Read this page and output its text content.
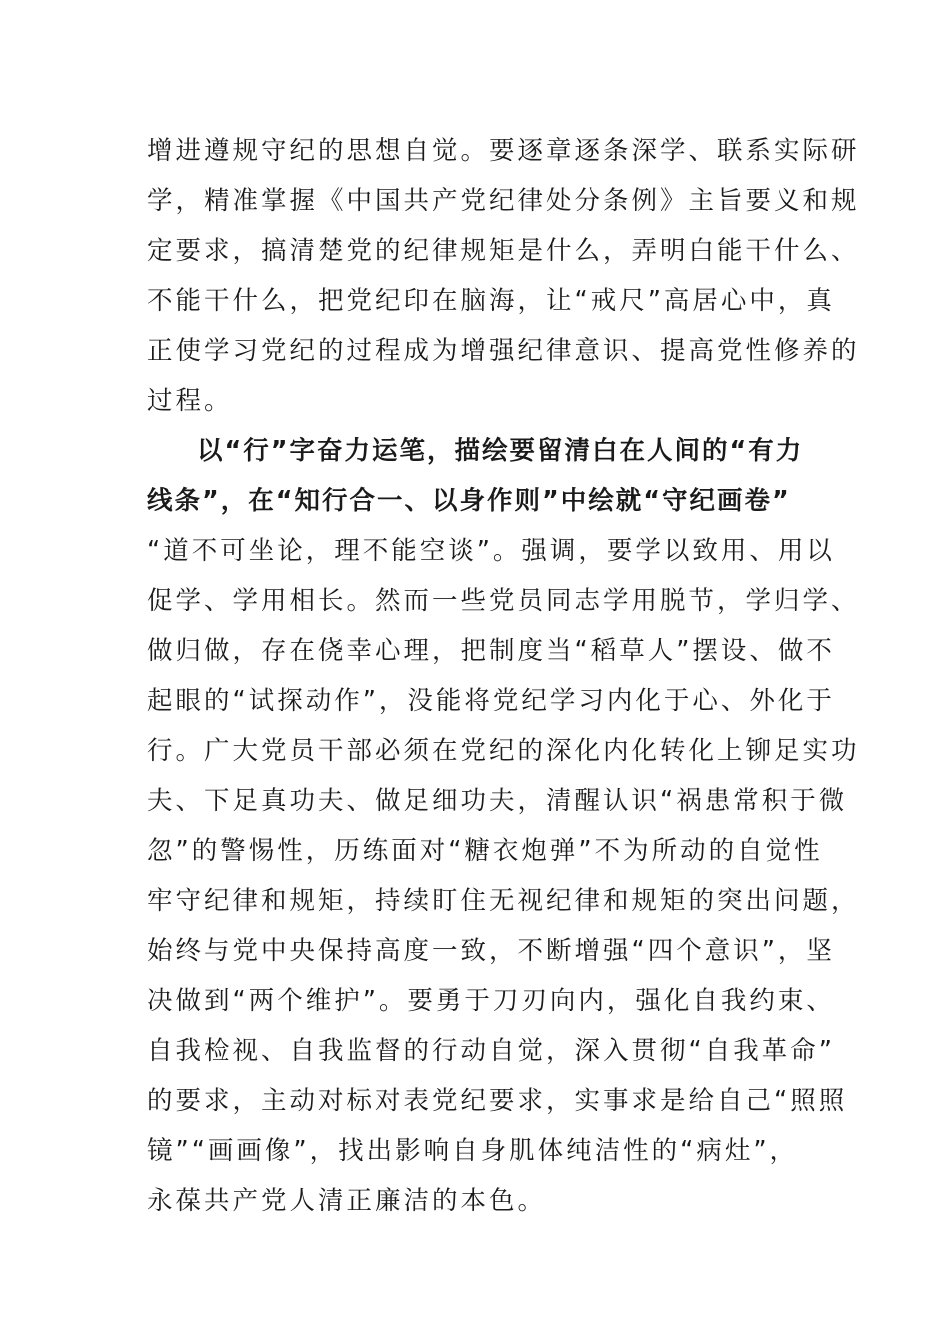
增进遵规守纪的思想自觉。要逐章逐条深学、联系实际研
学，精准掌握《中国共产党纪律处分条例》主旨要义和规
定要求，搞清楚党的纪律规矩是什么，弄明白能干什么、
不能干什么，把党纪印在脑海，让“戒尺”高居心中，真
正使学习党纪的过程成为增强纪律意识、提高党性修养的
过程。
以“行”字奋力运笔，描绘要留清白在人间的“有力
线条”，在“知行合一、以身作则”中绘就“守纪画卷”
“道不可坐论，理不能空谈”。强调，要学以致用、用以
促学、学用相长。然而一些党员同志学用脱节，学归学、
做归做，存在侥幸心理，把制度当“稻草人”摆设、做不
起眼的“试探动作”，没能将党纪学习内化于心、外化于
行。广大党员干部必须在党纪的深化内化转化上铆足实功
夫、下足真功夫、做足细功夫，清醒认识“祸患常积于微
忽”的警惕性，历练面对“糖衣炮弹”不为所动的自觉性
牢守纪律和规矩，持续盯住无视纪律和规矩的突出问题，
始终与党中央保持高度一致，不断增强“四个意识”，坚
决做到“两个维护”。要勇于刀刃向内，强化自我约束、
自我检视、自我监督的行动自觉，深入贯彻“自我革命”
的要求，主动对标对表党纪要求，实事求是给自己“照照
镜”“画画像”，找出影响自身肌体纯洁性的“病灶”，
永葆共产党人清正廉洁的本色。
